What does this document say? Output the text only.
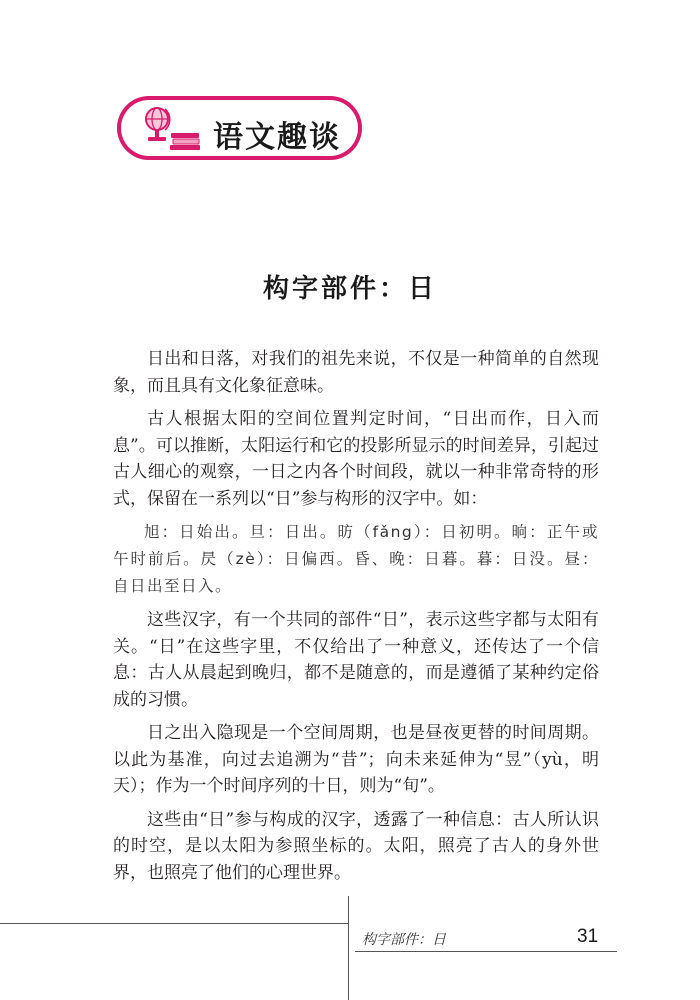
语文趣谈
构字部件：日

日出和日落，对我们的祖先来说，不仅是一种简单的自然现象，而且具有文化象征意味。

古人根据太阳的空间位置判定时间，“日出而作，日入而息”。可以推断，太阳运行和它的投影所显示的时间差异，引起过古人细心的观察，一日之内各个时间段，就以一种非常奇特的形式，保留在一系列以“日”参与构形的汉字中。如：

旭：日始出。旦：日出。昉（fǎng）：日初明。晌：正午或午时前后。昃（zè）：日偏西。昏、晚：日暮。暮：日没。昼：自日出至日入。

这些汉字，有一个共同的部件“日”，表示这些字都与太阳有关。“日”在这些字里，不仅给出了一种意义，还传达了一个信息：古人从晨起到晚归，都不是随意的，而是遵循了某种约定俗成的习惯。

日之出入隐现是一个空间周期，也是昼夜更替的时间周期。以此为基准，向过去追溯为“昔”；向未来延伸为“昱”（yù，明天）；作为一个时间序列的十日，则为“旬”。

这些由“日”参与构成的汉字，透露了一种信息：古人所认识的时空，是以太阳为参照坐标的。太阳，照亮了古人的身外世界，也照亮了他们的心理世界。

构字部件：日	31
